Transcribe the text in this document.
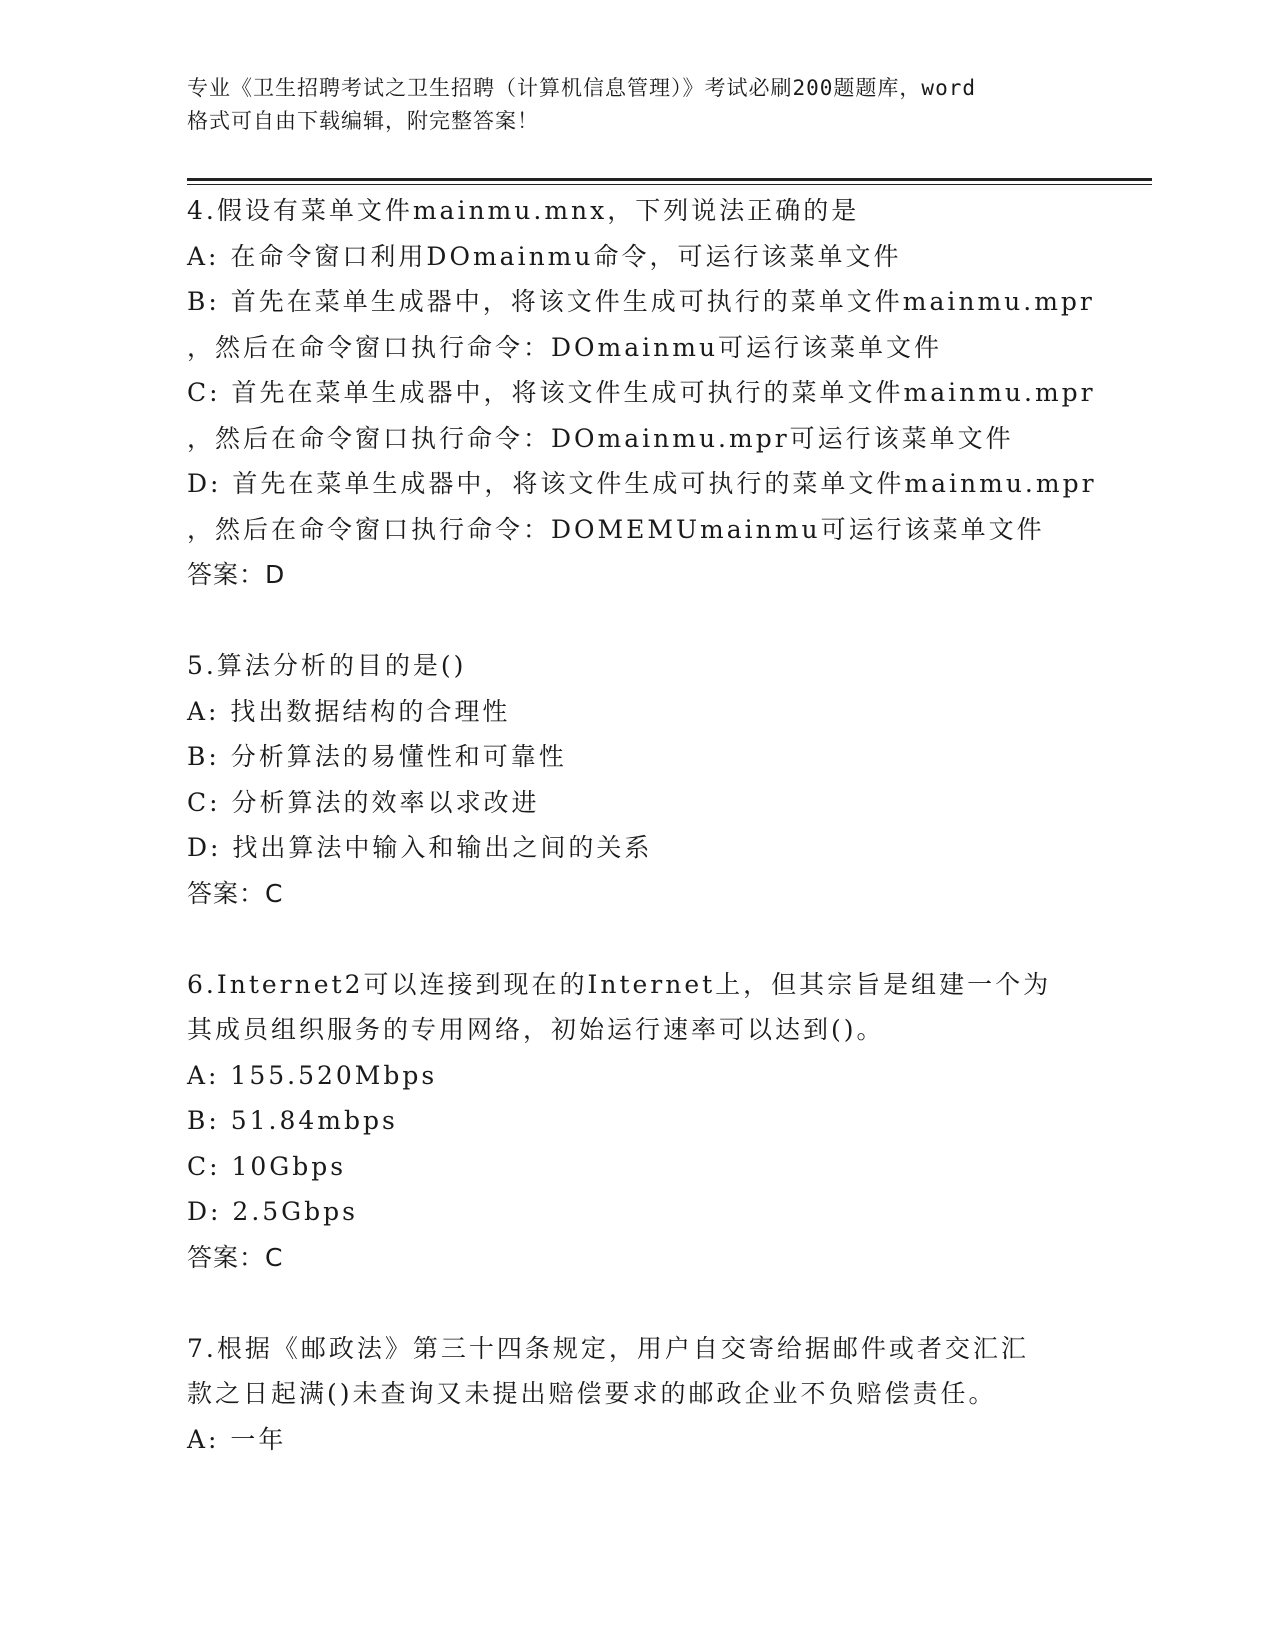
专业《卫生招聘考试之卫生招聘（计算机信息管理）》考试必刷200题题库，word
格式可自由下载编辑，附完整答案！
4.假设有菜单文件mainmu.mnx，下列说法正确的是
A: 在命令窗口利用DOmainmu命令，可运行该菜单文件
B: 首先在菜单生成器中，将该文件生成可执行的菜单文件mainmu.mpr
，然后在命令窗口执行命令：DOmainmu可运行该菜单文件
C: 首先在菜单生成器中，将该文件生成可执行的菜单文件mainmu.mpr
，然后在命令窗口执行命令：DOmainmu.mpr可运行该菜单文件
D: 首先在菜单生成器中，将该文件生成可执行的菜单文件mainmu.mpr
，然后在命令窗口执行命令：DOMEMUmainmu可运行该菜单文件
答案：D
5.算法分析的目的是()
A: 找出数据结构的合理性
B: 分析算法的易懂性和可靠性
C: 分析算法的效率以求改进
D: 找出算法中输入和输出之间的关系
答案：C
6.Internet2可以连接到现在的Internet上，但其宗旨是组建一个为
其成员组织服务的专用网络，初始运行速率可以达到()。
A: 155.520Mbps
B: 51.84mbps
C: 10Gbps
D: 2.5Gbps
答案：C
7.根据《邮政法》第三十四条规定，用户自交寄给据邮件或者交汇汇
款之日起满()未查询又未提出赔偿要求的邮政企业不负赔偿责任。
A: 一年
